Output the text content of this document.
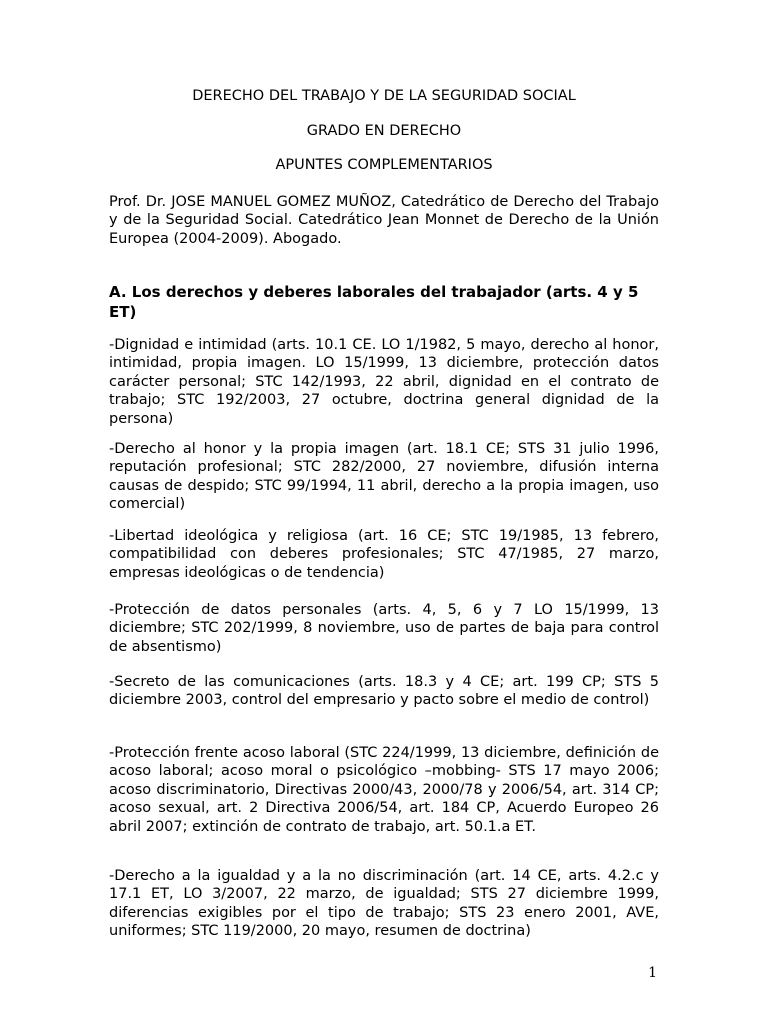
DERECHO DEL TRABAJO Y DE LA SEGURIDAD SOCIAL
GRADO EN DERECHO
APUNTES COMPLEMENTARIOS

Prof. Dr. JOSE MANUEL GOMEZ MUÑOZ, Catedrático de Derecho del Trabajo y de la Seguridad Social. Catedrático Jean Monnet de Derecho de la Unión Europea (2004-2009). Abogado.

A. Los derechos y deberes laborales del trabajador (arts. 4 y 5 ET)

-Dignidad e intimidad (arts. 10.1 CE. LO 1/1982, 5 mayo, derecho al honor, intimidad, propia imagen. LO 15/1999, 13 diciembre, protección datos carácter personal; STC 142/1993, 22 abril, dignidad en el contrato de trabajo; STC 192/2003, 27 octubre, doctrina general dignidad de la persona)

-Derecho al honor y la propia imagen (art. 18.1 CE; STS 31 julio 1996, reputación profesional; STC 282/2000, 27 noviembre, difusión interna causas de despido; STC 99/1994, 11 abril, derecho a la propia imagen, uso comercial)

-Libertad ideológica y religiosa (art. 16 CE; STC 19/1985, 13 febrero, compatibilidad con deberes profesionales; STC 47/1985, 27 marzo, empresas ideológicas o de tendencia)

-Protección de datos personales (arts. 4, 5, 6 y 7 LO 15/1999, 13 diciembre; STC 202/1999, 8 noviembre, uso de partes de baja para control de absentismo)

-Secreto de las comunicaciones (arts. 18.3 y 4 CE; art. 199 CP; STS 5 diciembre 2003, control del empresario y pacto sobre el medio de control)

-Protección frente acoso laboral (STC 224/1999, 13 diciembre, definición de acoso laboral; acoso moral o psicológico –mobbing- STS 17 mayo 2006; acoso discriminatorio, Directivas 2000/43, 2000/78 y 2006/54, art. 314 CP; acoso sexual, art. 2 Directiva 2006/54, art. 184 CP, Acuerdo Europeo 26 abril 2007; extinción de contrato de trabajo, art. 50.1.a ET.

-Derecho a la igualdad y a la no discriminación (art. 14 CE, arts. 4.2.c y 17.1 ET, LO 3/2007, 22 marzo, de igualdad; STS 27 diciembre 1999, diferencias exigibles por el tipo de trabajo; STS 23 enero 2001, AVE, uniformes; STC 119/2000, 20 mayo, resumen de doctrina)

1
